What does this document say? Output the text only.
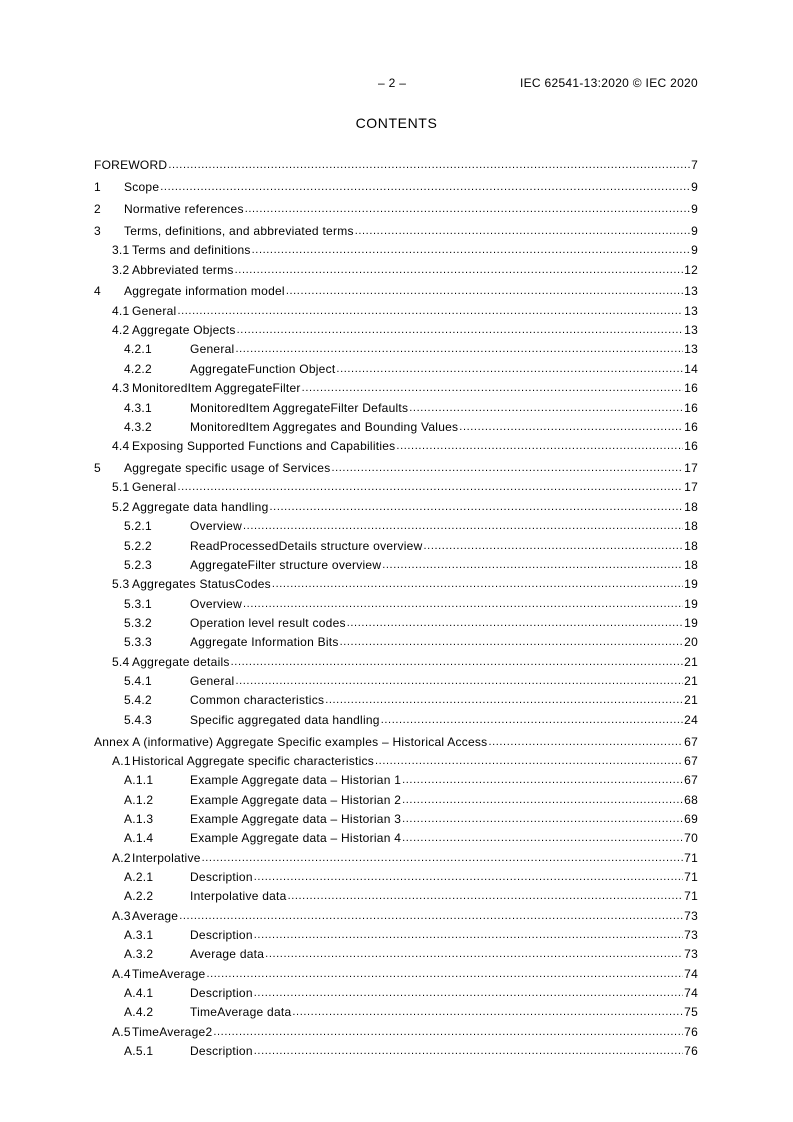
– 2 –	IEC 62541-13:2020 © IEC 2020
CONTENTS
FOREWORD .....	7
1	Scope .....	9
2	Normative references .....	9
3	Terms, definitions, and abbreviated terms .....	9
3.1 Terms and definitions .....	9
3.2 Abbreviated terms .....	12
4	Aggregate information model .....	13
4.1 General .....	13
4.2 Aggregate Objects .....	13
4.2.1	General .....	13
4.2.2	AggregateFunction Object .....	14
4.3 MonitoredItem AggregateFilter .....	16
4.3.1	MonitoredItem AggregateFilter Defaults .....	16
4.3.2	MonitoredItem Aggregates and Bounding Values .....	16
4.4 Exposing Supported Functions and Capabilities .....	16
5	Aggregate specific usage of Services .....	17
5.1 General .....	17
5.2 Aggregate data handling .....	18
5.2.1	Overview .....	18
5.2.2	ReadProcessedDetails structure overview .....	18
5.2.3	AggregateFilter structure overview .....	18
5.3 Aggregates StatusCodes .....	19
5.3.1	Overview .....	19
5.3.2	Operation level result codes .....	19
5.3.3	Aggregate Information Bits .....	20
5.4 Aggregate details .....	21
5.4.1	General .....	21
5.4.2	Common characteristics .....	21
5.4.3	Specific aggregated data handling .....	24
Annex A (informative) Aggregate Specific examples – Historical Access .....	67
A.1 Historical Aggregate specific characteristics .....	67
A.1.1	Example Aggregate data – Historian 1 .....	67
A.1.2	Example Aggregate data – Historian 2 .....	68
A.1.3	Example Aggregate data – Historian 3 .....	69
A.1.4	Example Aggregate data – Historian 4 .....	70
A.2 Interpolative .....	71
A.2.1	Description .....	71
A.2.2	Interpolative data .....	71
A.3 Average .....	73
A.3.1	Description .....	73
A.3.2	Average data .....	73
A.4 TimeAverage .....	74
A.4.1	Description .....	74
A.4.2	TimeAverage data .....	75
A.5 TimeAverage2 .....	76
A.5.1	Description .....	76
